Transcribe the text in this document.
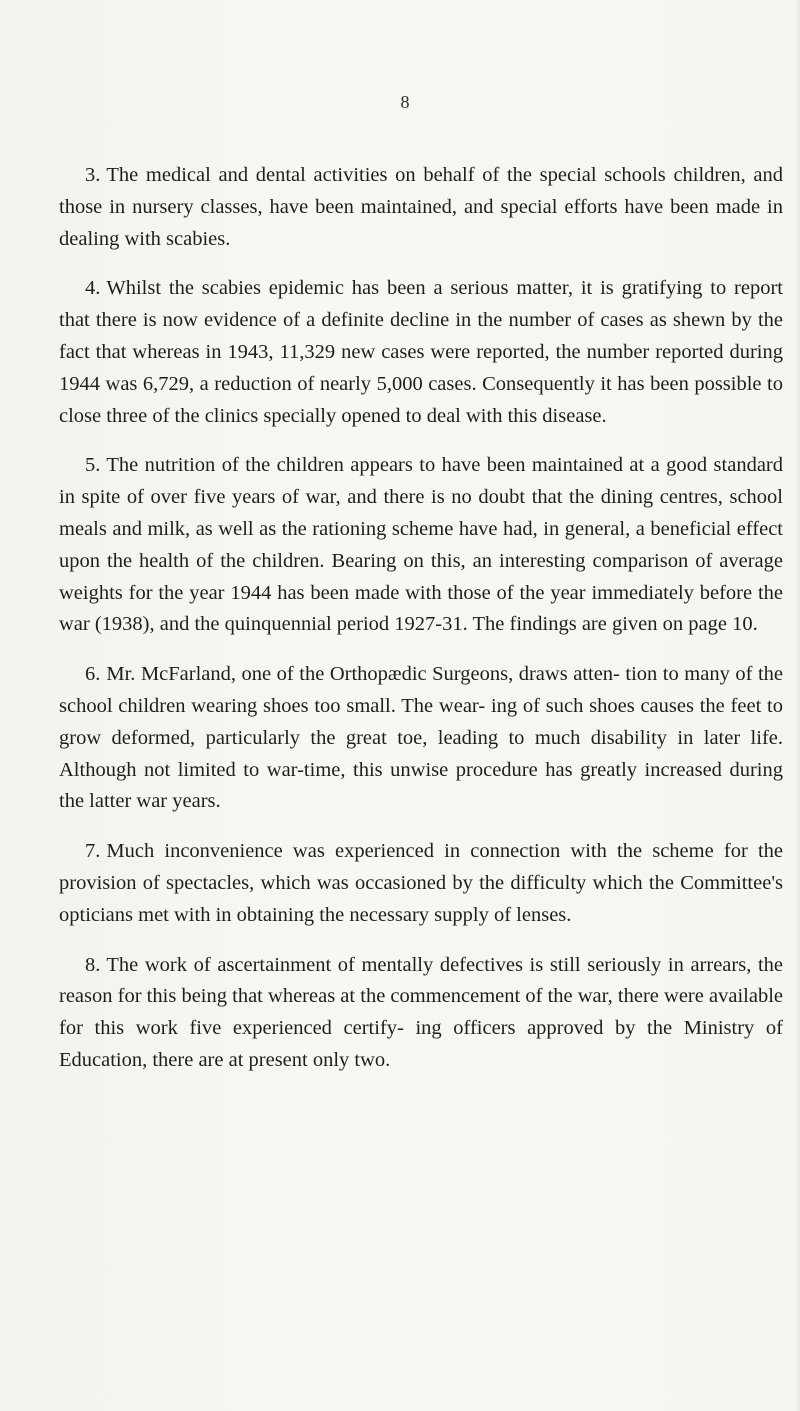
8

3. The medical and dental activities on behalf of the special schools children, and those in nursery classes, have been maintained, and special efforts have been made in dealing with scabies.

4. Whilst the scabies epidemic has been a serious matter, it is gratifying to report that there is now evidence of a definite decline in the number of cases as shewn by the fact that whereas in 1943, 11,329 new cases were reported, the number reported during 1944 was 6,729, a reduction of nearly 5,000 cases. Consequently it has been possible to close three of the clinics specially opened to deal with this disease.

5. The nutrition of the children appears to have been maintained at a good standard in spite of over five years of war, and there is no doubt that the dining centres, school meals and milk, as well as the rationing scheme have had, in general, a beneficial effect upon the health of the children. Bearing on this, an interesting comparison of average weights for the year 1944 has been made with those of the year immediately before the war (1938), and the quinquennial period 1927-31. The findings are given on page 10.

6. Mr. McFarland, one of the Orthopædic Surgeons, draws atten- tion to many of the school children wearing shoes too small. The wear- ing of such shoes causes the feet to grow deformed, particularly the great toe, leading to much disability in later life. Although not limited to war-time, this unwise procedure has greatly increased during the latter war years.

7. Much inconvenience was experienced in connection with the scheme for the provision of spectacles, which was occasioned by the difficulty which the Committee's opticians met with in obtaining the necessary supply of lenses.

8. The work of ascertainment of mentally defectives is still seriously in arrears, the reason for this being that whereas at the commencement of the war, there were available for this work five experienced certify- ing officers approved by the Ministry of Education, there are at present only two.
